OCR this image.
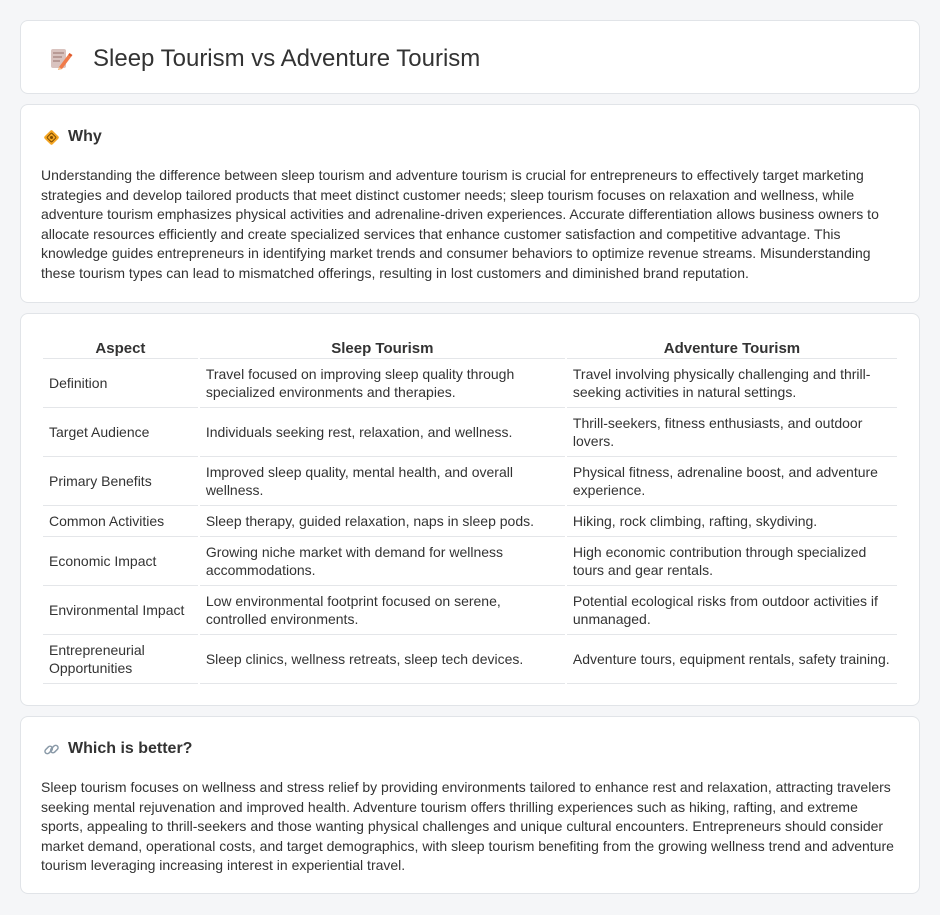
Sleep Tourism vs Adventure Tourism
Why

Understanding the difference between sleep tourism and adventure tourism is crucial for entrepreneurs to effectively target marketing strategies and develop tailored products that meet distinct customer needs; sleep tourism focuses on relaxation and wellness, while adventure tourism emphasizes physical activities and adrenaline-driven experiences. Accurate differentiation allows business owners to allocate resources efficiently and create specialized services that enhance customer satisfaction and competitive advantage. This knowledge guides entrepreneurs in identifying market trends and consumer behaviors to optimize revenue streams. Misunderstanding these tourism types can lead to mismatched offerings, resulting in lost customers and diminished brand reputation.

Aspect	Sleep Tourism	Adventure Tourism
Definition	Travel focused on improving sleep quality through specialized environments and therapies.	Travel involving physically challenging and thrill-seeking activities in natural settings.
Target Audience	Individuals seeking rest, relaxation, and wellness.	Thrill-seekers, fitness enthusiasts, and outdoor lovers.
Primary Benefits	Improved sleep quality, mental health, and overall wellness.	Physical fitness, adrenaline boost, and adventure experience.
Common Activities	Sleep therapy, guided relaxation, naps in sleep pods.	Hiking, rock climbing, rafting, skydiving.
Economic Impact	Growing niche market with demand for wellness accommodations.	High economic contribution through specialized tours and gear rentals.
Environmental Impact	Low environmental footprint focused on serene, controlled environments.	Potential ecological risks from outdoor activities if unmanaged.
Entrepreneurial Opportunities	Sleep clinics, wellness retreats, sleep tech devices.	Adventure tours, equipment rentals, safety training.
Which is better?

Sleep tourism focuses on wellness and stress relief by providing environments tailored to enhance rest and relaxation, attracting travelers seeking mental rejuvenation and improved health. Adventure tourism offers thrilling experiences such as hiking, rafting, and extreme sports, appealing to thrill-seekers and those wanting physical challenges and unique cultural encounters. Entrepreneurs should consider market demand, operational costs, and target demographics, with sleep tourism benefiting from the growing wellness trend and adventure tourism leveraging increasing interest in experiential travel.
